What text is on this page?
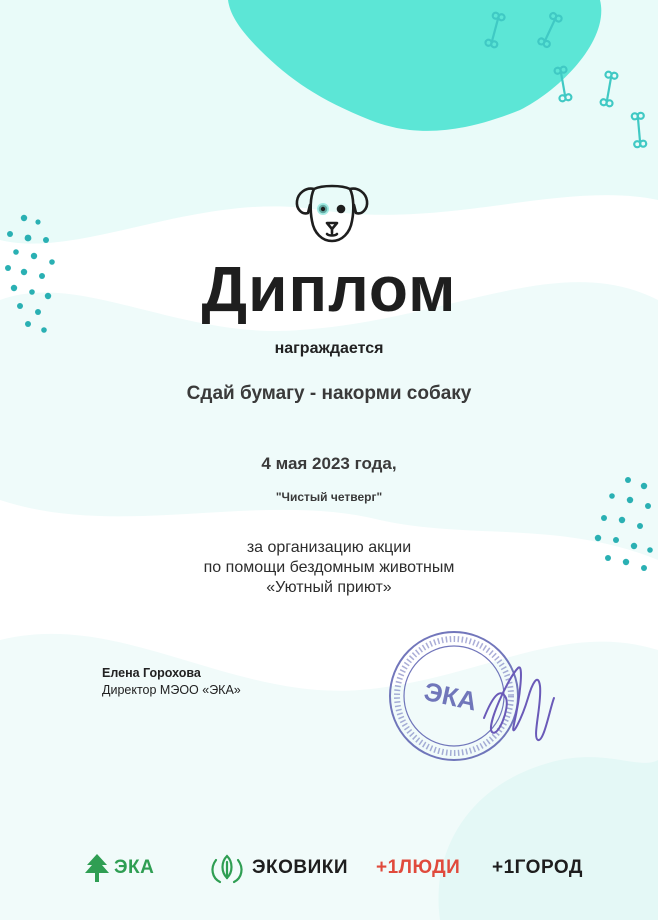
Диплом
награждается
Сдай бумагу - накорми собаку
4 мая 2023 года,
"Чистый четверг"
за организацию акции
по помощи бездомным животным
«Уютный приют»
Елена Горохова
Директор МЭОО «ЭКА»	ЭКА
ЭКА	ЭКОВИКИ +1ЛЮДИ +1ГОРОД
